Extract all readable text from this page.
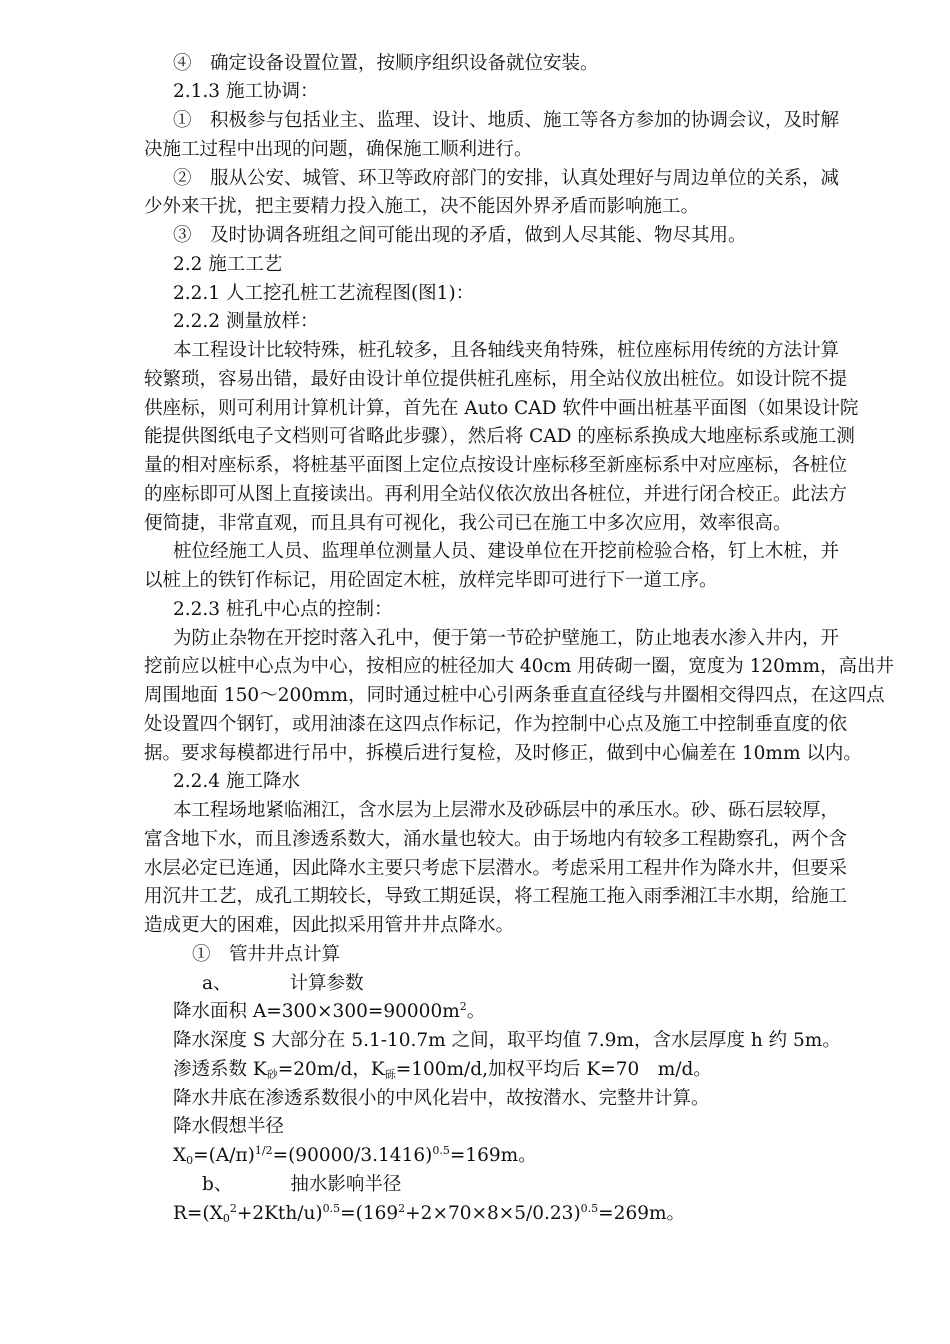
④　确定设备设置位置，按顺序组织设备就位安装。
2.1.3 施工协调：
①　积极参与包括业主、监理、设计、地质、施工等各方参加的协调会议，及时解
决施工过程中出现的问题，确保施工顺利进行。
②　服从公安、城管、环卫等政府部门的安排，认真处理好与周边单位的关系，减
少外来干扰，把主要精力投入施工，决不能因外界矛盾而影响施工。
③　及时协调各班组之间可能出现的矛盾，做到人尽其能、物尽其用。
2.2 施工工艺
2.2.1 人工挖孔桩工艺流程图(图1)：
2.2.2 测量放样：
本工程设计比较特殊，桩孔较多，且各轴线夹角特殊，桩位座标用传统的方法计算
较繁琐，容易出错，最好由设计单位提供桩孔座标，用全站仪放出桩位。如设计院不提
供座标，则可利用计算机计算，首先在 Auto CAD 软件中画出桩基平面图（如果设计院
能提供图纸电子文档则可省略此步骤），然后将 CAD 的座标系换成大地座标系或施工测
量的相对座标系，将桩基平面图上定位点按设计座标移至新座标系中对应座标，各桩位
的座标即可从图上直接读出。再利用全站仪依次放出各桩位，并进行闭合校正。此法方
便简捷，非常直观，而且具有可视化，我公司已在施工中多次应用，效率很高。
桩位经施工人员、监理单位测量人员、建设单位在开挖前检验合格，钉上木桩，并
以桩上的铁钉作标记，用砼固定木桩，放样完毕即可进行下一道工序。
2.2.3 桩孔中心点的控制：
为防止杂物在开挖时落入孔中，便于第一节砼护壁施工，防止地表水渗入井内，开
挖前应以桩中心点为中心，按相应的桩径加大 40cm 用砖砌一圈，宽度为 120mm，高出井
周围地面 150～200mm，同时通过桩中心引两条垂直直径线与井圈相交得四点，在这四点
处设置四个钢钉，或用油漆在这四点作标记，作为控制中心点及施工中控制垂直度的依
据。要求每模都进行吊中，拆模后进行复检，及时修正，做到中心偏差在 10mm 以内。
2.2.4 施工降水
本工程场地紧临湘江，含水层为上层滞水及砂砾层中的承压水。砂、砾石层较厚，
富含地下水，而且渗透系数大，涌水量也较大。由于场地内有较多工程勘察孔，两个含
水层必定已连通，因此降水主要只考虑下层潜水。考虑采用工程井作为降水井，但要采
用沉井工艺，成孔工期较长，导致工期延误，将工程施工拖入雨季湘江丰水期，给施工
造成更大的困难，因此拟采用管井井点降水。
①　管井井点计算
a、	计算参数
降水面积 $A=300\times 300=90000m^2$。
降水深度 S 大部分在 5.1-10.7m 之间，取平均值 7.9m，含水层厚度 h 约 5m。
渗透系数 $K_砂=20m/d$，$K_砾=100m/d$,加权平均后 K=70　m/d。
降水井底在渗透系数很小的中风化岩中，故按潜水、完整井计算。
降水假想半径
$X_0=(A/\pi)^{1/2}=(90000/3.1416)^{0.5}=169m$。
b、	抽水影响半径
$R=(X_0^2+2Kth/u)^{0.5}=(169^2+2\times 70\times 8\times 5/0.23)^{0.5}=269m$。
